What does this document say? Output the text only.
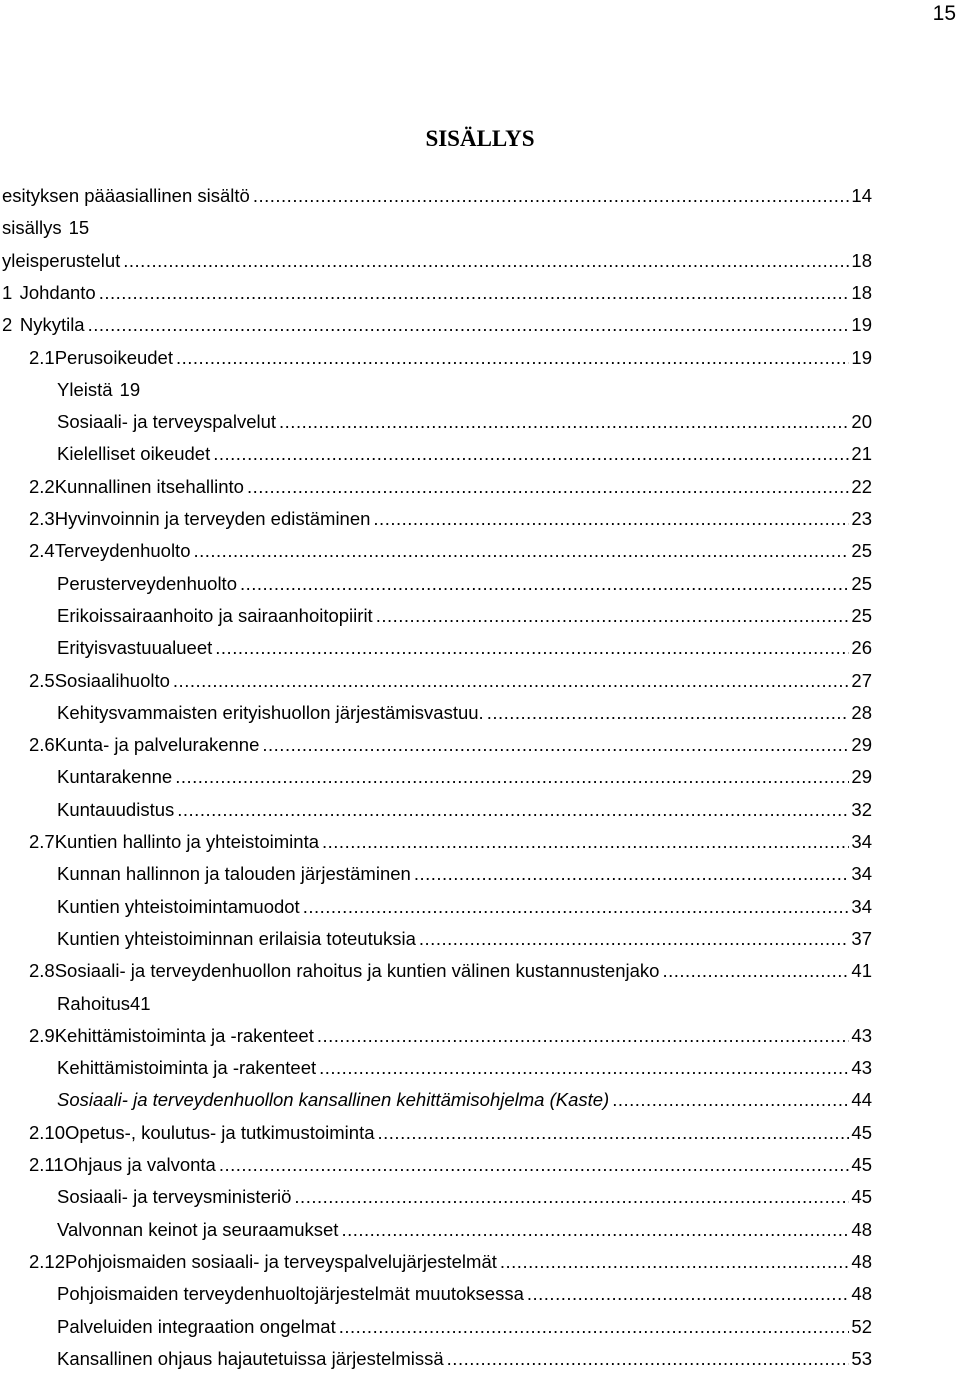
15
SISÄLLYS
esityksen pääasiallinen sisältö .....	14
sisällys 15
yleisperustelut .....	18
1 Johdanto .....	18
2 Nykytila .....	19
2.1 Perusoikeudet .....	19
Yleistä 19
Sosiaali- ja terveyspalvelut .....	20
Kielelliset oikeudet .....	21
2.2 Kunnallinen itsehallinto .....	22
2.3 Hyvinvoinnin ja terveyden edistäminen .....	23
2.4 Terveydenhuolto .....	25
Perusterveydenhuolto .....	25
Erikoissairaanhoito ja sairaanhoitopiirit .....	25
Erityisvastuualueet .....	26
2.5 Sosiaalihuolto .....	27
Kehitysvammaisten erityishuollon järjestämisvastuu. .....	28
2.6 Kunta- ja palvelurakenne .....	29
Kuntarakenne .....	29
Kuntauudistus .....	32
2.7 Kuntien hallinto ja yhteistoiminta .....	34
Kunnan hallinnon ja talouden järjestäminen .....	34
Kuntien yhteistoimintamuodot .....	34
Kuntien yhteistoiminnan erilaisia toteutuksia .....	37
2.8 Sosiaali- ja terveydenhuollon rahoitus ja kuntien välinen kustannustenjako .....	41
Rahoitus 41
2.9 Kehittämistoiminta ja -rakenteet .....	43
Kehittämistoiminta ja -rakenteet .....	43
Sosiaali- ja terveydenhuollon kansallinen kehittämisohjelma (Kaste) .....	44
2.10 Opetus-, koulutus- ja tutkimustoiminta .....	45
2.11 Ohjaus ja valvonta .....	45
Sosiaali- ja terveysministeriö .....	45
Valvonnan keinot ja seuraamukset .....	48
2.12 Pohjoismaiden sosiaali- ja terveyspalvelujärjestelmät .....	48
Pohjoismaiden terveydenhuoltojärjestelmät muutoksessa .....	48
Palveluiden integraation ongelmat .....	52
Kansallinen ohjaus hajautetuissa järjestelmissä .....	53
